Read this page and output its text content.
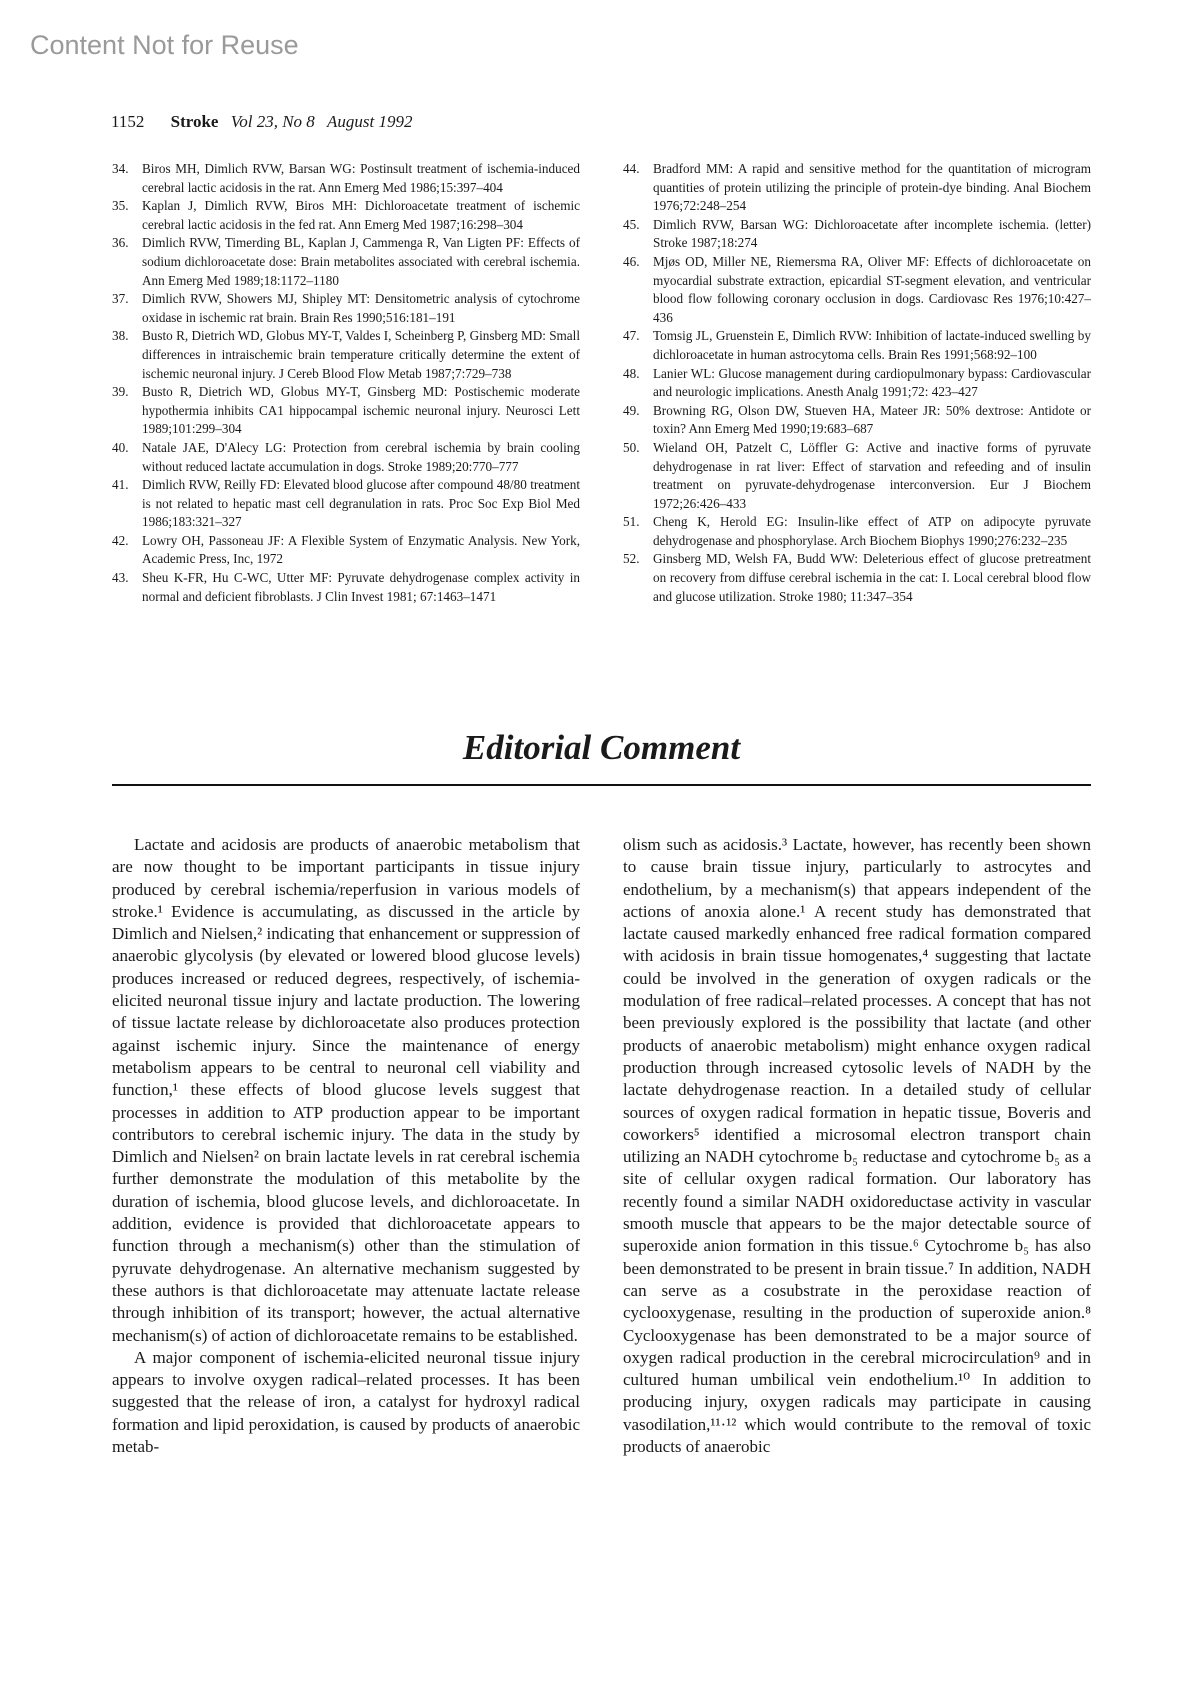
Content Not for Reuse
1152 Stroke Vol 23, No 8 August 1992
34.	Biros MH, Dimlich RVW, Barsan WG: Postinsult treatment of ischemia-induced cerebral lactic acidosis in the rat. Ann Emerg Med 1986;15:397–404
35.	Kaplan J, Dimlich RVW, Biros MH: Dichloroacetate treatment of ischemic cerebral lactic acidosis in the fed rat. Ann Emerg Med 1987;16:298–304
36.	Dimlich RVW, Timerding BL, Kaplan J, Cammenga R, Van Ligten PF: Effects of sodium dichloroacetate dose: Brain metabolites associated with cerebral ischemia. Ann Emerg Med 1989;18:1172–1180
37.	Dimlich RVW, Showers MJ, Shipley MT: Densitometric analysis of cytochrome oxidase in ischemic rat brain. Brain Res 1990;516:181–191
38.	Busto R, Dietrich WD, Globus MY-T, Valdes I, Scheinberg P, Ginsberg MD: Small differences in intraischemic brain temperature critically determine the extent of ischemic neuronal injury. J Cereb Blood Flow Metab 1987;7:729–738
39.	Busto R, Dietrich WD, Globus MY-T, Ginsberg MD: Postischemic moderate hypothermia inhibits CA1 hippocampal ischemic neuronal injury. Neurosci Lett 1989;101:299–304
40.	Natale JAE, D'Alecy LG: Protection from cerebral ischemia by brain cooling without reduced lactate accumulation in dogs. Stroke 1989;20:770–777
41.	Dimlich RVW, Reilly FD: Elevated blood glucose after compound 48/80 treatment is not related to hepatic mast cell degranulation in rats. Proc Soc Exp Biol Med 1986;183:321–327
42.	Lowry OH, Passoneau JF: A Flexible System of Enzymatic Analysis. New York, Academic Press, Inc, 1972
43.	Sheu K-FR, Hu C-WC, Utter MF: Pyruvate dehydrogenase complex activity in normal and deficient fibroblasts. J Clin Invest 1981; 67:1463–1471
44.	Bradford MM: A rapid and sensitive method for the quantitation of microgram quantities of protein utilizing the principle of protein-dye binding. Anal Biochem 1976;72:248–254
45.	Dimlich RVW, Barsan WG: Dichloroacetate after incomplete ischemia. (letter) Stroke 1987;18:274
46.	Mjøs OD, Miller NE, Riemersma RA, Oliver MF: Effects of dichloroacetate on myocardial substrate extraction, epicardial ST-segment elevation, and ventricular blood flow following coronary occlusion in dogs. Cardiovasc Res 1976;10:427–436
47.	Tomsig JL, Gruenstein E, Dimlich RVW: Inhibition of lactate-induced swelling by dichloroacetate in human astrocytoma cells. Brain Res 1991;568:92–100
48.	Lanier WL: Glucose management during cardiopulmonary bypass: Cardiovascular and neurologic implications. Anesth Analg 1991;72: 423–427
49.	Browning RG, Olson DW, Stueven HA, Mateer JR: 50% dextrose: Antidote or toxin? Ann Emerg Med 1990;19:683–687
50.	Wieland OH, Patzelt C, Löffler G: Active and inactive forms of pyruvate dehydrogenase in rat liver: Effect of starvation and refeeding and of insulin treatment on pyruvate-dehydrogenase interconversion. Eur J Biochem 1972;26:426–433
51.	Cheng K, Herold EG: Insulin-like effect of ATP on adipocyte pyruvate dehydrogenase and phosphorylase. Arch Biochem Biophys 1990;276:232–235
52.	Ginsberg MD, Welsh FA, Budd WW: Deleterious effect of glucose pretreatment on recovery from diffuse cerebral ischemia in the cat: I. Local cerebral blood flow and glucose utilization. Stroke 1980; 11:347–354
Editorial Comment

Lactate and acidosis are products of anaerobic metabolism that are now thought to be important participants in tissue injury produced by cerebral ischemia/reperfusion in various models of stroke.¹ Evidence is accumulating, as discussed in the article by Dimlich and Nielsen,² indicating that enhancement or suppression of anaerobic glycolysis (by elevated or lowered blood glucose levels) produces increased or reduced degrees, respectively, of ischemia-elicited neuronal tissue injury and lactate production. The lowering of tissue lactate release by dichloroacetate also produces protection against ischemic injury. Since the maintenance of energy metabolism appears to be central to neuronal cell viability and function,¹ these effects of blood glucose levels suggest that processes in addition to ATP production appear to be important contributors to cerebral ischemic injury. The data in the study by Dimlich and Nielsen² on brain lactate levels in rat cerebral ischemia further demonstrate the modulation of this metabolite by the duration of ischemia, blood glucose levels, and dichloroacetate. In addition, evidence is provided that dichloroacetate appears to function through a mechanism(s) other than the stimulation of pyruvate dehydrogenase. An alternative mechanism suggested by these authors is that dichloroacetate may attenuate lactate release through inhibition of its transport; however, the actual alternative mechanism(s) of action of dichloroacetate remains to be established.

A major component of ischemia-elicited neuronal tissue injury appears to involve oxygen radical–related processes. It has been suggested that the release of iron, a catalyst for hydroxyl radical formation and lipid peroxidation, is caused by products of anaerobic metab-

olism such as acidosis.³ Lactate, however, has recently been shown to cause brain tissue injury, particularly to astrocytes and endothelium, by a mechanism(s) that appears independent of the actions of anoxia alone.¹ A recent study has demonstrated that lactate caused markedly enhanced free radical formation compared with acidosis in brain tissue homogenates,⁴ suggesting that lactate could be involved in the generation of oxygen radicals or the modulation of free radical–related processes. A concept that has not been previously explored is the possibility that lactate (and other products of anaerobic metabolism) might enhance oxygen radical production through increased cytosolic levels of NADH by the lactate dehydrogenase reaction. In a detailed study of cellular sources of oxygen radical formation in hepatic tissue, Boveris and coworkers⁵ identified a microsomal electron transport chain utilizing an NADH cytochrome b₅ reductase and cytochrome b₅ as a site of cellular oxygen radical formation. Our laboratory has recently found a similar NADH oxidoreductase activity in vascular smooth muscle that appears to be the major detectable source of superoxide anion formation in this tissue.⁶ Cytochrome b₅ has also been demonstrated to be present in brain tissue.⁷ In addition, NADH can serve as a cosubstrate in the peroxidase reaction of cyclooxygenase, resulting in the production of superoxide anion.⁸ Cyclooxygenase has been demonstrated to be a major source of oxygen radical production in the cerebral microcirculation⁹ and in cultured human umbilical vein endothelium.¹⁰ In addition to producing injury, oxygen radicals may participate in causing vasodilation,¹¹·¹² which would contribute to the removal of toxic products of anaerobic
